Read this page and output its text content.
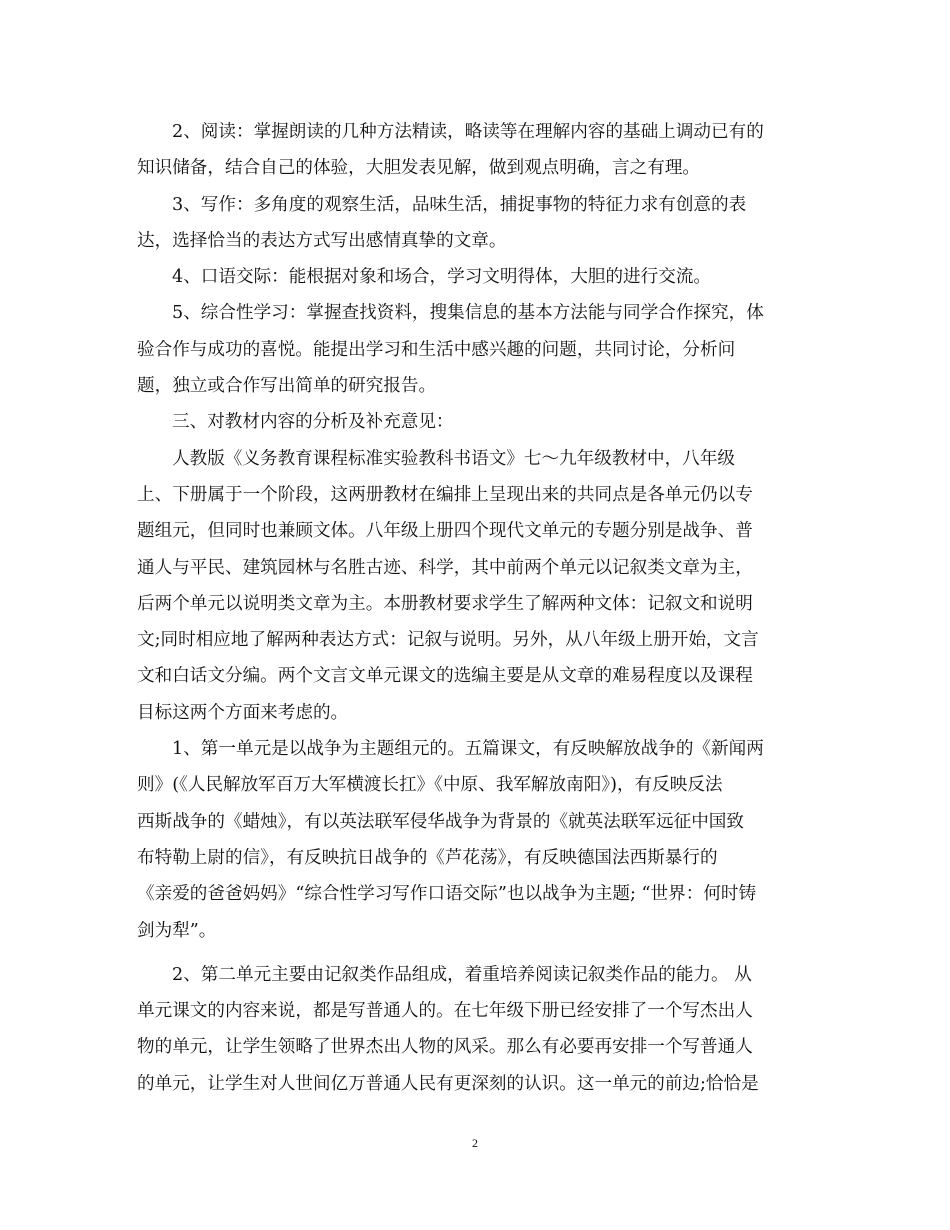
2、阅读：掌握朗读的几种方法精读，略读等在理解内容的基础上调动已有的
知识储备，结合自己的体验，大胆发表见解，做到观点明确，言之有理。
3、写作：多角度的观察生活，品味生活，捕捉事物的特征力求有创意的表
达，选择恰当的表达方式写出感情真挚的文章。
4、口语交际：能根据对象和场合，学习文明得体，大胆的进行交流。
5、综合性学习：掌握查找资料，搜集信息的基本方法能与同学合作探究，体
验合作与成功的喜悦。能提出学习和生活中感兴趣的问题，共同讨论，分析问
题，独立或合作写出简单的研究报告。
三、对教材内容的分析及补充意见：
人教版《义务教育课程标准实验教科书语文》七～九年级教材中，八年级
上、下册属于一个阶段，这两册教材在编排上呈现出来的共同点是各单元仍以专
题组元，但同时也兼顾文体。八年级上册四个现代文单元的专题分别是战争、普
通人与平民、建筑园林与名胜古迹、科学，其中前两个单元以记叙类文章为主，
后两个单元以说明类文章为主。本册教材要求学生了解两种文体：记叙文和说明
文;同时相应地了解两种表达方式：记叙与说明。另外，从八年级上册开始，文言
文和白话文分编。两个文言文单元课文的选编主要是从文章的难易程度以及课程
目标这两个方面来考虑的。
1、第一单元是以战争为主题组元的。五篇课文，有反映解放战争的《新闻两
则》(《人民解放军百万大军横渡长扛》《中原、我军解放南阳》)，有反映反法
西斯战争的《蜡烛》，有以英法联军侵华战争为背景的《就英法联军远征中国致
布特勒上尉的信》，有反映抗日战争的《芦花荡》，有反映德国法西斯暴行的
《亲爱的爸爸妈妈》“综合性学习写作口语交际”也以战争为主题; “世界：何时铸
剑为犁”。
2、第二单元主要由记叙类作品组成，着重培养阅读记叙类作品的能力。 从
单元课文的内容来说，都是写普通人的。在七年级下册已经安排了一个写杰出人
物的单元，让学生领略了世界杰出人物的风采。那么有必要再安排一个写普通人
的单元，让学生对人世间亿万普通人民有更深刻的认识。这一单元的前边;恰恰是
2
